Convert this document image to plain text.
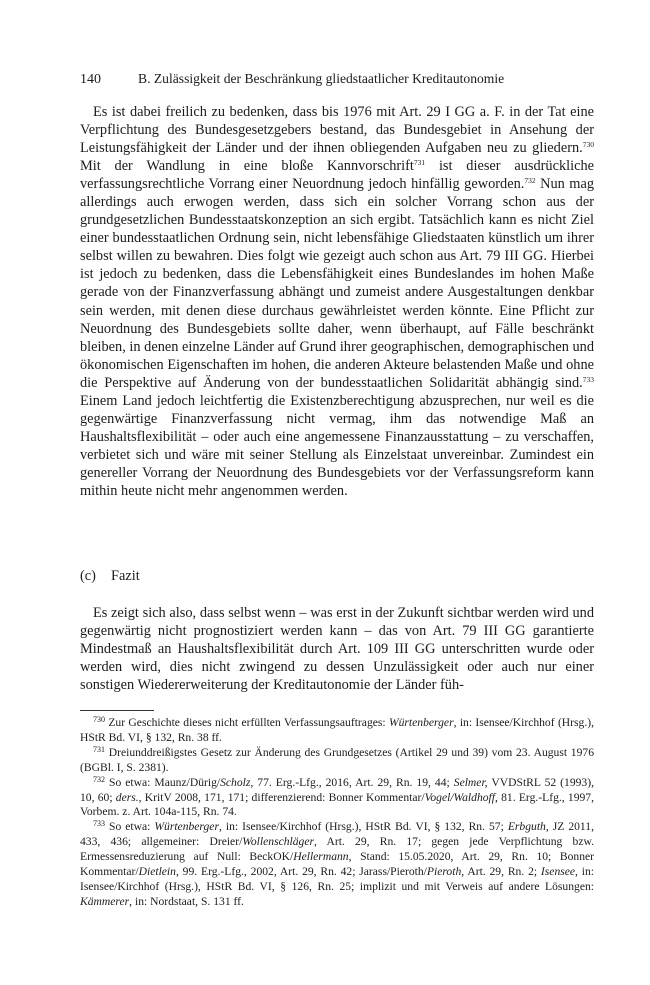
140	B. Zulässigkeit der Beschränkung gliedstaatlicher Kreditautonomie

Es ist dabei freilich zu bedenken, dass bis 1976 mit Art. 29 I GG a. F. in der Tat eine Verpflichtung des Bundesgesetzgebers bestand, das Bundesgebiet in Ansehung der Leistungsfähigkeit der Länder und der ihnen obliegenden Aufgaben neu zu gliedern.$^{730}$ Mit der Wandlung in eine bloße Kannvorschrift$^{731}$ ist dieser ausdrückliche verfassungsrechtliche Vorrang einer Neuordnung jedoch hinfällig geworden.$^{732}$ Nun mag allerdings auch erwogen werden, dass sich ein solcher Vorrang schon aus der grundgesetzlichen Bundesstaatskonzeption an sich ergibt. Tatsächlich kann es nicht Ziel einer bundesstaatlichen Ordnung sein, nicht lebensfähige Gliedstaaten künstlich um ihrer selbst willen zu bewahren. Dies folgt wie gezeigt auch schon aus Art. 79 III GG. Hierbei ist jedoch zu bedenken, dass die Lebensfähigkeit eines Bundeslandes im hohen Maße gerade von der Finanzverfassung abhängt und zumeist andere Ausgestaltungen denkbar sein werden, mit denen diese durchaus gewährleistet werden könnte. Eine Pflicht zur Neuordnung des Bundesgebiets sollte daher, wenn überhaupt, auf Fälle beschränkt bleiben, in denen einzelne Länder auf Grund ihrer geographischen, demographischen und ökonomischen Eigenschaften im hohen, die anderen Akteure belastenden Maße und ohne die Perspektive auf Änderung von der bundesstaatlichen Solidarität abhängig sind.$^{733}$ Einem Land jedoch leichtfertig die Existenzberechtigung abzusprechen, nur weil es die gegenwärtige Finanzverfassung nicht vermag, ihm das notwendige Maß an Haushaltsflexibilität – oder auch eine angemessene Finanzausstattung – zu verschaffen, verbietet sich und wäre mit seiner Stellung als Einzelstaat unvereinbar. Zumindest ein genereller Vorrang der Neuordnung des Bundesgebiets vor der Verfassungsreform kann mithin heute nicht mehr angenommen werden.

(c) Fazit

Es zeigt sich also, dass selbst wenn – was erst in der Zukunft sichtbar werden wird und gegenwärtig nicht prognostiziert werden kann – das von Art. 79 III GG garantierte Mindestmaß an Haushaltsflexibilität durch Art. 109 III GG unterschritten wurde oder werden wird, dies nicht zwingend zu dessen Unzulässigkeit oder auch nur einer sonstigen Wiedererweiterung der Kreditautonomie der Länder füh-

$^{730}$ Zur Geschichte dieses nicht erfüllten Verfassungsauftrages: Würtenberger, in: Isensee/Kirchhof (Hrsg.), HStR Bd. VI, § 132, Rn. 38 ff.

$^{731}$ Dreiunddreißigstes Gesetz zur Änderung des Grundgesetzes (Artikel 29 und 39) vom 23. August 1976 (BGBl. I, S. 2381).

$^{732}$ So etwa: Maunz/Dürig/Scholz, 77. Erg.-Lfg., 2016, Art. 29, Rn. 19, 44; Selmer, VVDStRL 52 (1993), 10, 60; ders., KritV 2008, 171, 171; differenzierend: Bonner Kommentar/Vogel/Waldhoff, 81. Erg.-Lfg., 1997, Vorbem. z. Art. 104a-115, Rn. 74.

$^{733}$ So etwa: Würtenberger, in: Isensee/Kirchhof (Hrsg.), HStR Bd. VI, § 132, Rn. 57; Erbguth, JZ 2011, 433, 436; allgemeiner: Dreier/Wollenschläger, Art. 29, Rn. 17; gegen jede Verpflichtung bzw. Ermessensreduzierung auf Null: BeckOK/Hellermann, Stand: 15.05.2020, Art. 29, Rn. 10; Bonner Kommentar/Dietlein, 99. Erg.-Lfg., 2002, Art. 29, Rn. 42; Jarass/Pieroth/Pieroth, Art. 29, Rn. 2; Isensee, in: Isensee/Kirchhof (Hrsg.), HStR Bd. VI, § 126, Rn. 25; implizit und mit Verweis auf andere Lösungen: Kämmerer, in: Nordstaat, S. 131 ff.
